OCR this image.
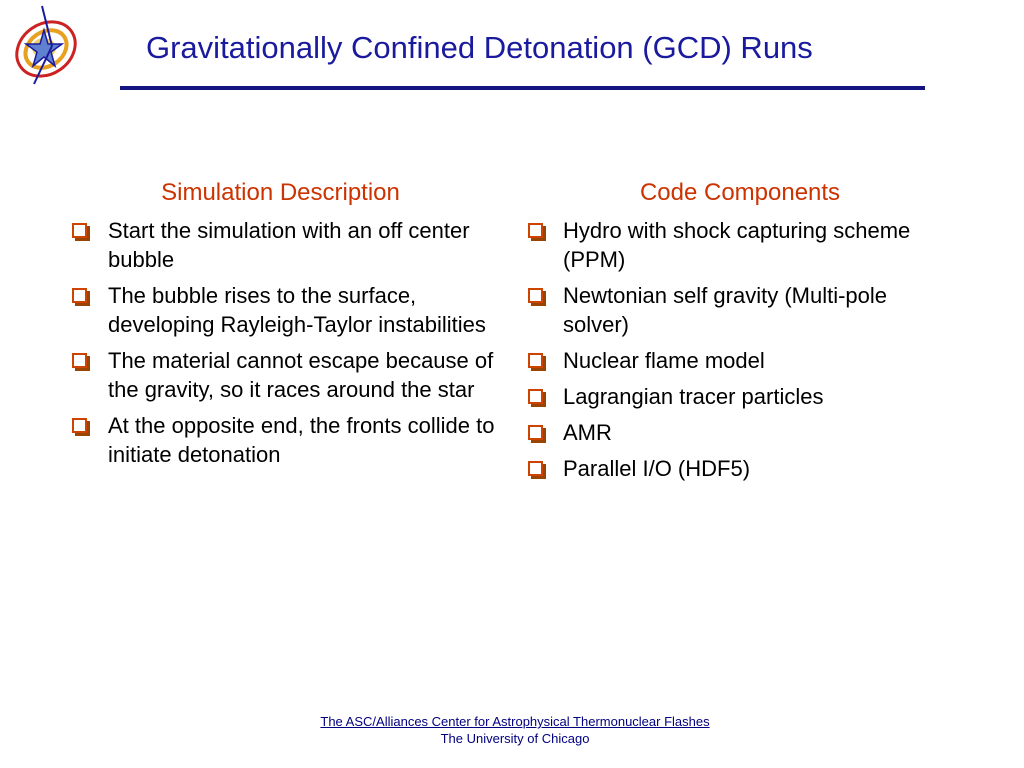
Gravitationally Confined Detonation (GCD) Runs
Simulation Description
Start the simulation with an off center bubble
The bubble rises to the surface, developing Rayleigh-Taylor instabilities
The material cannot escape because of the gravity, so it races around the star
At the opposite end, the fronts collide to initiate detonation
Code Components
Hydro with shock capturing scheme (PPM)
Newtonian self gravity (Multi-pole solver)
Nuclear flame model
Lagrangian tracer particles
AMR
Parallel I/O (HDF5)
The ASC/Alliances Center for Astrophysical Thermonuclear Flashes
The University of Chicago
